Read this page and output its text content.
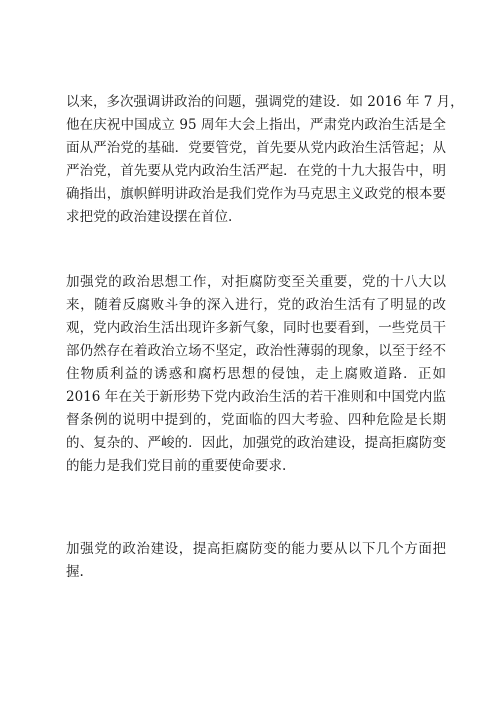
以来，多次强调讲政治的问题，强调党的建设．如 2016 年 7 月，
他在庆祝中国成立 95 周年大会上指出，严肃党内政治生活是全
面从严治党的基础．党要管党，首先要从党内政治生活管起；从
严治党，首先要从党内政治生活严起．在党的十九大报告中，明
确指出，旗帜鲜明讲政治是我们党作为马克思主义政党的根本要
求把党的政治建设摆在首位.
加强党的政治思想工作，对拒腐防变至关重要，党的十八大以
来，随着反腐败斗争的深入进行，党的政治生活有了明显的改
观，党内政治生活出现许多新气象，同时也要看到，一些党员干
部仍然存在着政治立场不坚定，政治性薄弱的现象，以至于经不
住物质利益的诱惑和腐朽思想的侵蚀，走上腐败道路．正如
2016 年在关于新形势下党内政治生活的若干准则和中国党内监
督条例的说明中提到的，党面临的四大考验、四种危险是长期
的、复杂的、严峻的．因此，加强党的政治建设，提高拒腐防变
的能力是我们党目前的重要使命要求.
加强党的政治建设，提高拒腐防变的能力要从以下几个方面把
握.
